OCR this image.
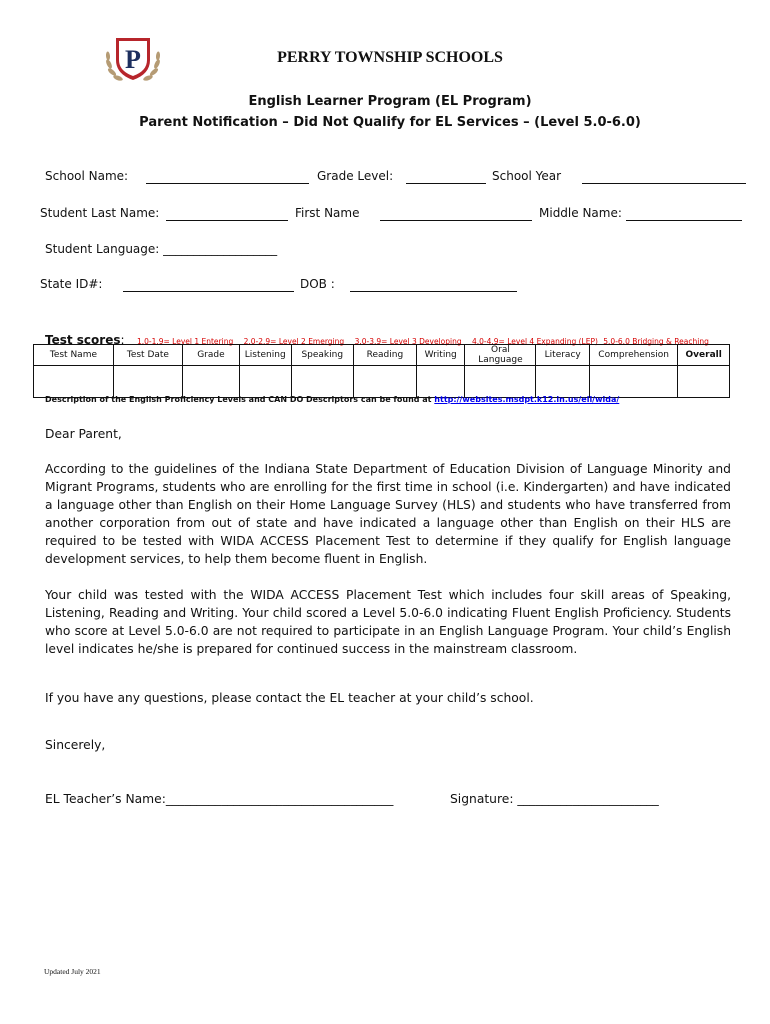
P	PERRY TOWNSHIP SCHOOLS
English Learner Program (EL Program)
Parent Notification – Did Not Qualify for EL Services – (Level 5.0-6.0)
School Name:	Grade Level:	School Year
Student Last Name:	First Name	Middle Name:
Student Language: ___________________
State ID#:	DOB :
Test scores: 1.0-1.9= Level 1 Entering 2.0-2.9= Level 2 Emerging 3.0-3.9= Level 3 Developing 4.0-4.9= Level 4 Expanding (LEP) 5.0-6.0 Bridging & Reaching
Test Name	Test Date	Grade	Listening	Speaking	Reading	Writing	Oral Language	Literacy	Comprehension	Overall

Description of the English Proficiency Levels and CAN DO Descriptors can be found at http://websites.msdpt.k12.in.us/ell/wida/
Dear Parent,
According to the guidelines of the Indiana State Department of Education Division of Language Minority and Migrant Programs, students who are enrolling for the first time in school (i.e. Kindergarten) and have indicated a language other than English on their Home Language Survey (HLS) and students who have transferred from another corporation from out of state and have indicated a language other than English on their HLS are required to be tested with WIDA ACCESS Placement Test to determine if they qualify for English language development services, to help them become fluent in English.
Your child was tested with the WIDA ACCESS Placement Test which includes four skill areas of Speaking, Listening, Reading and Writing. Your child scored a Level 5.0-6.0 indicating Fluent English Proficiency. Students who score at Level 5.0-6.0 are not required to participate in an English Language Program. Your child’s English level indicates he/she is prepared for continued success in the mainstream classroom.
If you have any questions, please contact the EL teacher at your child’s school.
Sincerely,
EL Teacher’s Name:_____________________________________	Signature: _______________________
Updated July 2021
